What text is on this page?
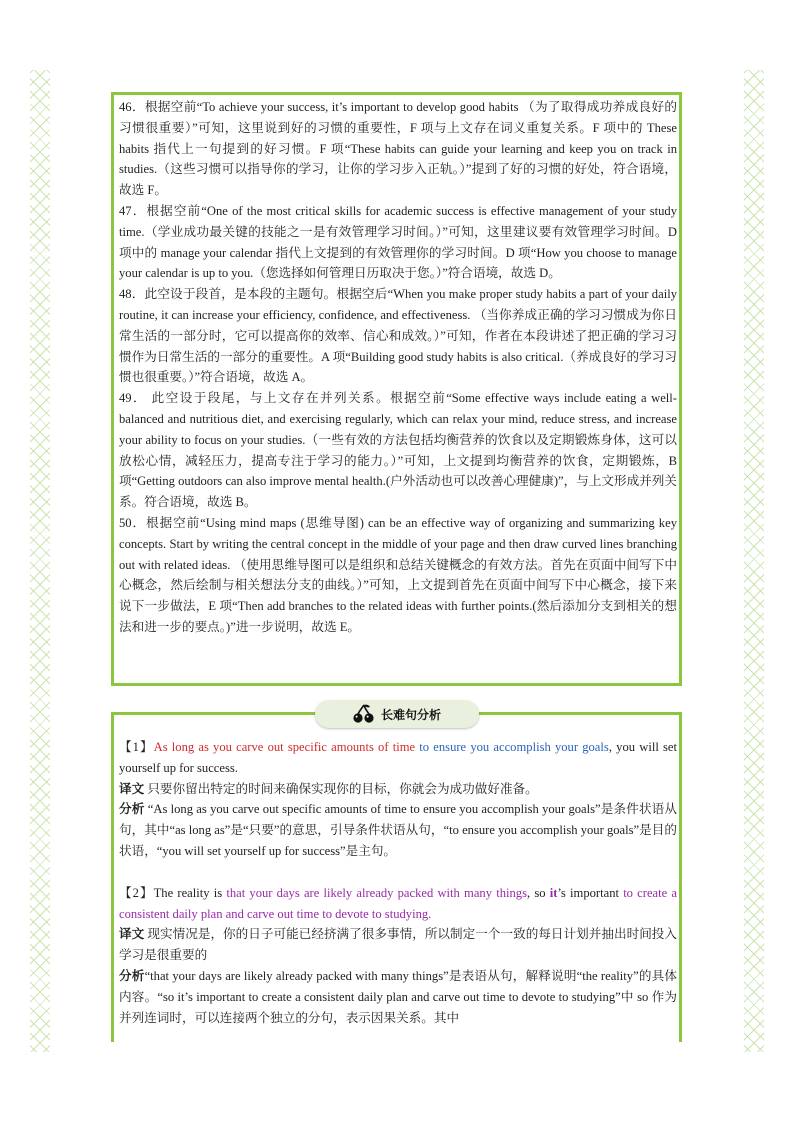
46．根据空前“To achieve your success, it’s important to develop good habits （为了取得成功养成良好的习惯很重要）”可知，这里说到好的习惯的重要性，F 项与上文存在词义重复关系。F 项中的 These habits 指代上一句提到的好习惯。F 项“These habits can guide your learning and keep you on track in studies.（这些习惯可以指导你的学习，让你的学习步入正轨。）”提到了好的习惯的好处，符合语境，故选 F。

47．根据空前“One of the most critical skills for academic success is effective management of your study time.（学业成功最关键的技能之一是有效管理学习时间。）”可知，这里建议要有效管理学习时间。D 项中的 manage your calendar 指代上文提到的有效管理你的学习时间。D 项“How you choose to manage your calendar is up to you.（您选择如何管理日历取决于您。）”符合语境，故选 D。

48．此空设于段首，是本段的主题句。根据空后“When you make proper study habits a part of your daily routine, it can increase your efficiency, confidence, and effectiveness. （当你养成正确的学习习惯成为你日常生活的一部分时，它可以提高你的效率、信心和成效。）”可知，作者在本段讲述了把正确的学习习惯作为日常生活的一部分的重要性。A 项“Building good study habits is also critical.（养成良好的学习习惯也很重要。）”符合语境，故选 A。

49． 此空设于段尾，与上文存在并列关系。根据空前“Some effective ways include eating a well-balanced and nutritious diet, and exercising regularly, which can relax your mind, reduce stress, and increase your ability to focus on your studies.（一些有效的方法包括均衡营养的饮食以及定期锻炼身体，这可以放松心情，减轻压力，提高专注于学习的能力。）”可知，上文提到均衡营养的饮食，定期锻炼，B 项“Getting outdoors can also improve mental health.(户外活动也可以改善心理健康)”，与上文形成并列关系。符合语境，故选 B。

50．根据空前“Using mind maps (思维导图) can be an effective way of organizing and summarizing key concepts. Start by writing the central concept in the middle of your page and then draw curved lines branching out with related ideas. （使用思维导图可以是组织和总结关键概念的有效方法。首先在页面中间写下中心概念，然后绘制与相关想法分支的曲线。）”可知，上文提到首先在页面中间写下中心概念，接下来说下一步做法，E 项“Then add branches to the related ideas with further points.(然后添加分支到相关的想法和进一步的要点。)”进一步说明，故选 E。

【1】As long as you carve out specific amounts of time to ensure you accomplish your goals, you will set yourself up for success.

译文 只要你留出特定的时间来确保实现你的目标，你就会为成功做好准备。

分析 “As long as you carve out specific amounts of time to ensure you accomplish your goals”是条件状语从句，其中“as long as”是“只要”的意思，引导条件状语从句，“to ensure you accomplish your goals”是目的状语，“you will set yourself up for success”是主句。

【2】The reality is that your days are likely already packed with many things, so it’s important to create a consistent daily plan and carve out time to devote to studying.

译文 现实情况是，你的日子可能已经挤满了很多事情，所以制定一个一致的每日计划并抽出时间投入学习是很重要的

分析“that your days are likely already packed with many things”是表语从句，解释说明“the reality”的具体内容。“so it’s important to create a consistent daily plan and carve out time to devote to studying”中 so 作为并列连词时，可以连接两个独立的分句，表示因果关系。其中

长难句分析
